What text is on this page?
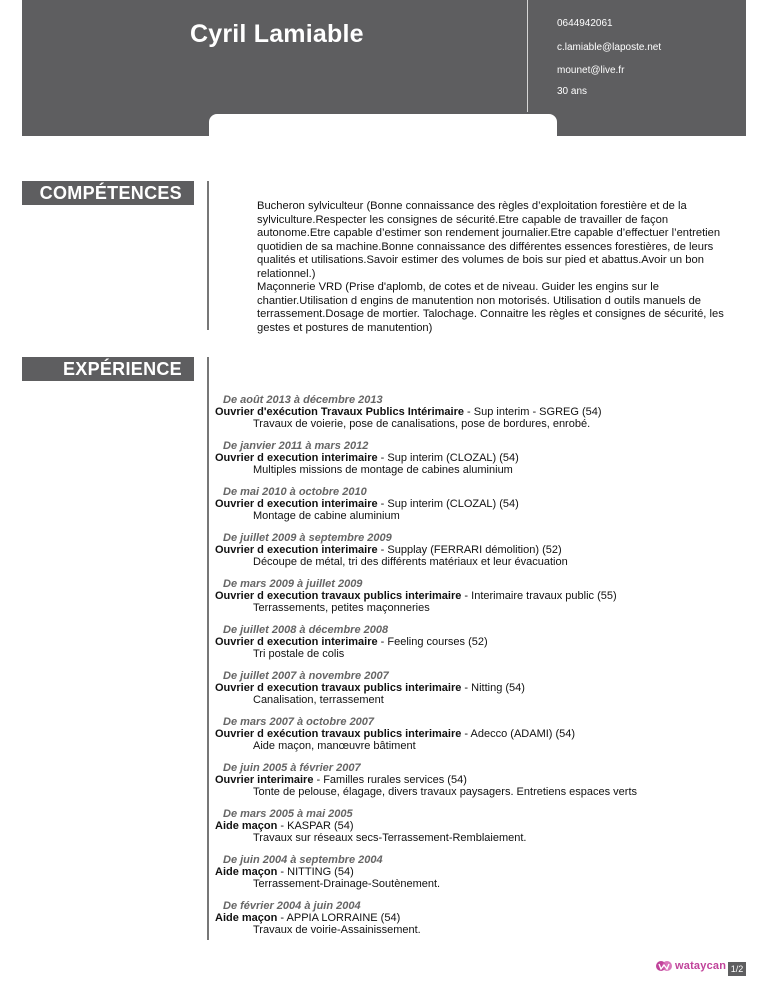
Cyril Lamiable	0644942061
c.lamiable@laposte.net
mounet@live.fr
30 ans
COMPÉTENCES
Bucheron sylviculteur (Bonne connaissance des règles d’exploitation forestière et de la
sylviculture.Respecter les consignes de sécurité.Etre capable de travailler de façon
autonome.Etre capable d’estimer son rendement journalier.Etre capable d’effectuer l’entretien
quotidien de sa machine.Bonne connaissance des différentes essences forestières, de leurs
qualités et utilisations.Savoir estimer des volumes de bois sur pied et abattus.Avoir un bon
relationnel.)
Maçonnerie VRD (Prise d'aplomb, de cotes et de niveau. Guider les engins sur le
chantier.Utilisation d engins de manutention non motorisés. Utilisation d outils manuels de
terrassement.Dosage de mortier. Talochage. Connaitre les règles et consignes de sécurité, les
gestes et postures de manutention)
EXPÉRIENCE
De août 2013 à décembre 2013
Ouvrier d'exécution Travaux Publics Intérimaire - Sup interim - SGREG (54)
Travaux de voierie, pose de canalisations, pose de bordures, enrobé.
De janvier 2011 à mars 2012
Ouvrier d execution interimaire - Sup interim (CLOZAL) (54)
Multiples missions de montage de cabines aluminium
De mai 2010 à octobre 2010
Ouvrier d execution interimaire - Sup interim (CLOZAL) (54)
Montage de cabine aluminium
De juillet 2009 à septembre 2009
Ouvrier d execution interimaire - Supplay (FERRARI démolition) (52)
Découpe de métal, tri des différents matériaux et leur évacuation
De mars 2009 à juillet 2009
Ouvrier d execution travaux publics interimaire - Interimaire travaux public (55)
Terrassements, petites maçonneries
De juillet 2008 à décembre 2008
Ouvrier d execution interimaire - Feeling courses (52)
Tri postale de colis
De juillet 2007 à novembre 2007
Ouvrier d execution travaux publics interimaire - Nitting (54)
Canalisation, terrassement
De mars 2007 à octobre 2007
Ouvrier d exécution travaux publics interimaire - Adecco (ADAMI) (54)
Aide maçon, manœuvre bâtiment
De juin 2005 à février 2007
Ouvrier interimaire - Familles rurales services (54)
Tonte de pelouse, élagage, divers travaux paysagers. Entretiens espaces verts
De mars 2005 à mai 2005
Aide maçon - KASPAR (54)
Travaux sur réseaux secs-Terrassement-Remblaiement.
De juin 2004 à septembre 2004
Aide maçon - NITTING (54)
Terrassement-Drainage-Soutènement.
De février 2004 à juin 2004
Aide maçon - APPIA LORRAINE (54)
Travaux de voirie-Assainissement.
wataycan 1/2
